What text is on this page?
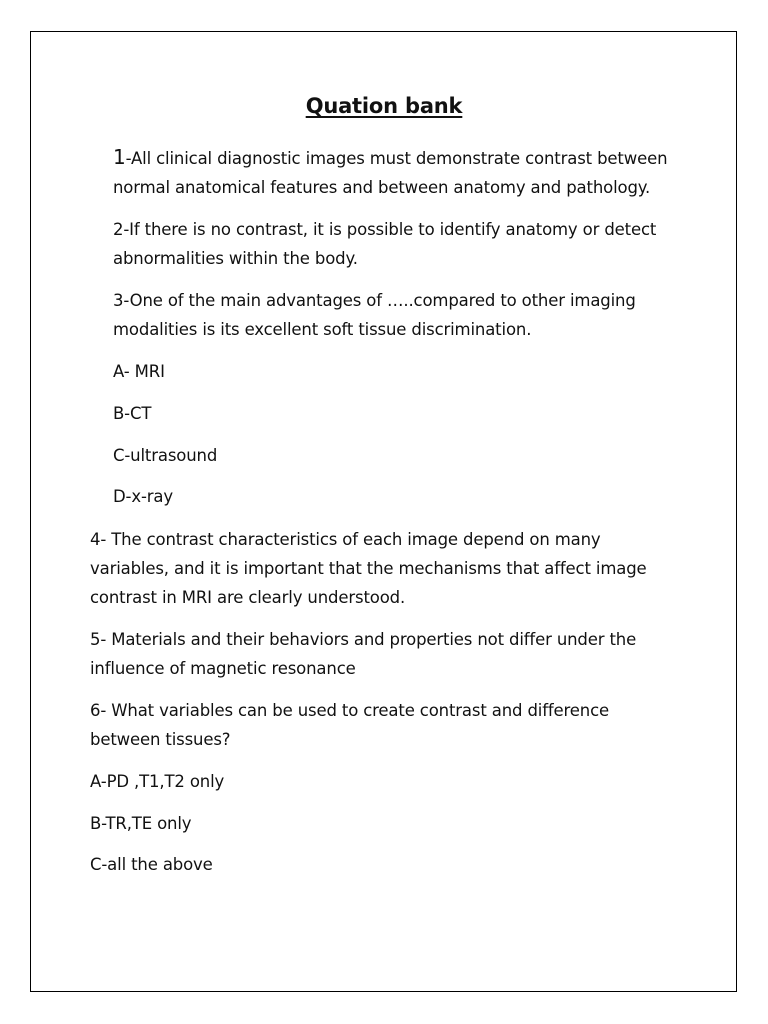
Quation bank
1-All clinical diagnostic images must demonstrate contrast between
normal anatomical features and between anatomy and pathology.
2-If there is no contrast, it is possible to identify anatomy or detect
abnormalities within the body.
3-One of the main advantages of …..compared to other imaging
modalities is its excellent soft tissue discrimination.
A- MRI
B-CT
C-ultrasound
D-x-ray
4- The contrast characteristics of each image depend on many
variables, and it is important that the mechanisms that affect image
contrast in MRI are clearly understood.
5- Materials and their behaviors and properties not differ under the
influence of magnetic resonance
6- What variables can be used to create contrast and difference
between tissues?
A-PD ,T1,T2 only
B-TR,TE only
C-all the above
